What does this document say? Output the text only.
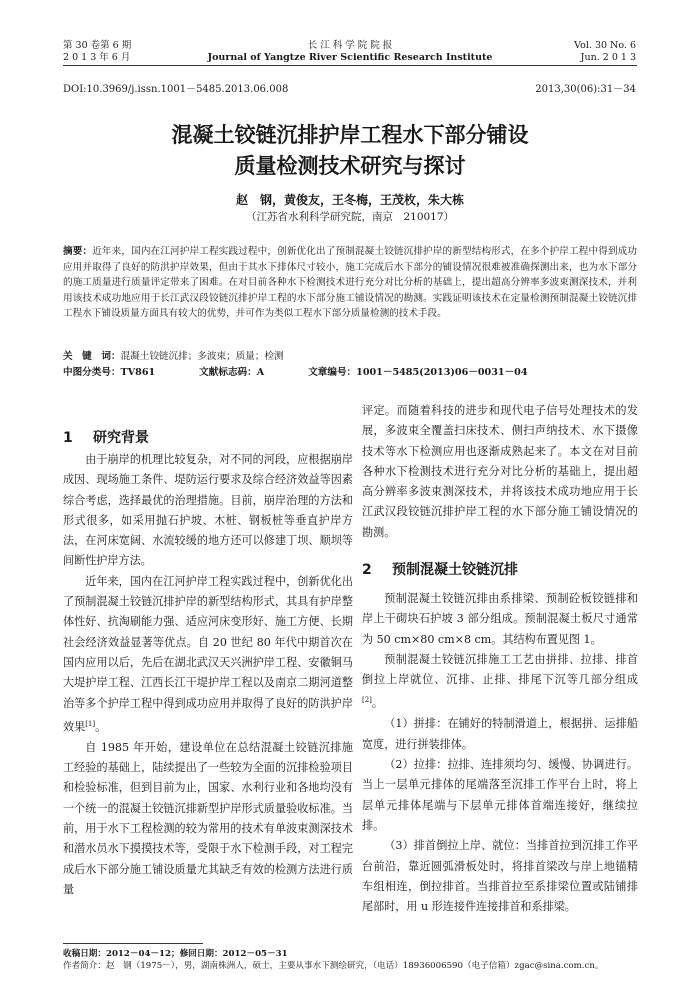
第 30 卷第 6 期
2 0 1 3 年 6 月
长 江 科 学 院 院 报
Journal of Yangtze River Scientific Research Institute
Vol. 30 No. 6
Jun. 2 0 1 3
DOI:10.3969/j.issn.1001－5485.2013.06.008	2013,30(06):31－34
混凝土铰链沉排护岸工程水下部分铺设
质量检测技术研究与探讨
赵　钢，黄俊友，王冬梅，王茂枚，朱大栋
（江苏省水利科学研究院，南京　210017）
摘要：近年来，国内在江河护岸工程实践过程中，创新优化出了预制混凝土铰链沉排护岸的新型结构形式，在多个护岸工程中得到成功应用并取得了良好的防洪护岸效果，但由于其水下排体尺寸较小，施工完成后水下部分的铺设情况很难被准确探测出来，也为水下部分的施工质量进行质量评定带来了困难。在对目前各种水下检测技术进行充分对比分析的基础上，提出超高分辨率多波束测深技术，并利用该技术成功地应用于长江武汉段铰链沉排护岸工程的水下部分施工铺设情况的勘测。实践证明该技术在定量检测预制混凝土铰链沉排工程水下铺设质量方面具有较大的优势，并可作为类似工程水下部分质量检测的技术手段。
关　键　词：混凝土铰链沉排；多波束；质量；检测
中图分类号：TV861	文献标志码：A	文章编号：1001－5485(2013)06－0031－04
1 研究背景

由于崩岸的机理比较复杂，对不同的河段，应根据崩岸成因、现场施工条件、堤防运行要求及综合经济效益等因素综合考虑，选择最优的治理措施。目前，崩岸治理的方法和形式很多，如采用抛石护坡、木桩、钢板桩等垂直护岸方法，在河床宽阔、水流较缓的地方还可以修建丁坝、顺坝等间断性护岸方法。

近年来，国内在江河护岸工程实践过程中，创新优化出了预制混凝土铰链沉排护岸的新型结构形式，其具有护岸整体性好、抗淘刷能力强、适应河床变形好、施工方便、长期社会经济效益显著等优点。自 20 世纪 80 年代中期首次在国内应用以后，先后在湖北武汉天兴洲护岸工程、安徽铜马大堤护岸工程、江西长江干堤护岸工程以及南京二期河道整治等多个护岸工程中得到成功应用并取得了良好的防洪护岸效果[1]。

自 1985 年开始，建设单位在总结混凝土铰链沉排施工经验的基础上，陆续提出了一些较为全面的沉排检验项目和检验标准，但到目前为止，国家、水利行业和各地均没有一个统一的混凝土铰链沉排新型护岸形式质量验收标准。当前，用于水下工程检测的较为常用的技术有单波束测深技术和潜水员水下摸摸技术等，受限于水下检测手段，对工程完成后水下部分施工铺设质量尤其缺乏有效的检测方法进行质量

评定。而随着科技的进步和现代电子信号处理技术的发展，多波束全覆盖扫床技术、侧扫声纳技术、水下摄像技术等水下检测应用也逐渐成熟起来了。本文在对目前各种水下检测技术进行充分对比分析的基础上，提出超高分辨率多波束测深技术，并将该技术成功地应用于长江武汉段铰链沉排护岸工程的水下部分施工铺设情况的勘测。

2 预制混凝土铰链沉排

预制混凝土铰链沉排由系排梁、预制砼板铰链排和岸上干砌块石护坡 3 部分组成。预制混凝土板尺寸通常为 50 cm×80 cm×8 cm。其结构布置见图 1。

预制混凝土铰链沉排施工工艺由拼排、拉排、排首倒拉上岸就位、沉排、止排、排尾下沉等几部分组成[2]。

（1）拼排：在铺好的特制滑道上，根据拼、运排船宽度，进行拼装排体。

（2）拉排：拉排、连排须均匀、缓慢、协调进行。当上一层单元排体的尾端落至沉排工作平台上时，将上层单元排体尾端与下层单元排体首端连接好，继续拉排。

（3）排首倒拉上岸、就位：当排首拉到沉排工作平台前沿，靠近圆弧滑板处时，将排首梁改与岸上地锚精车组相连，倒拉排首。当排首拉至系排梁位置或陆铺排尾部时，用 u 形连接件连接排首和系排梁。

收稿日期：2012－04－12；修回日期：2012－05－31
作者简介：赵　钢（1975－），男，湖南株洲人，硕士，主要从事水下测绘研究，（电话）18936006590（电子信箱）zgac@sina.com.cn。
